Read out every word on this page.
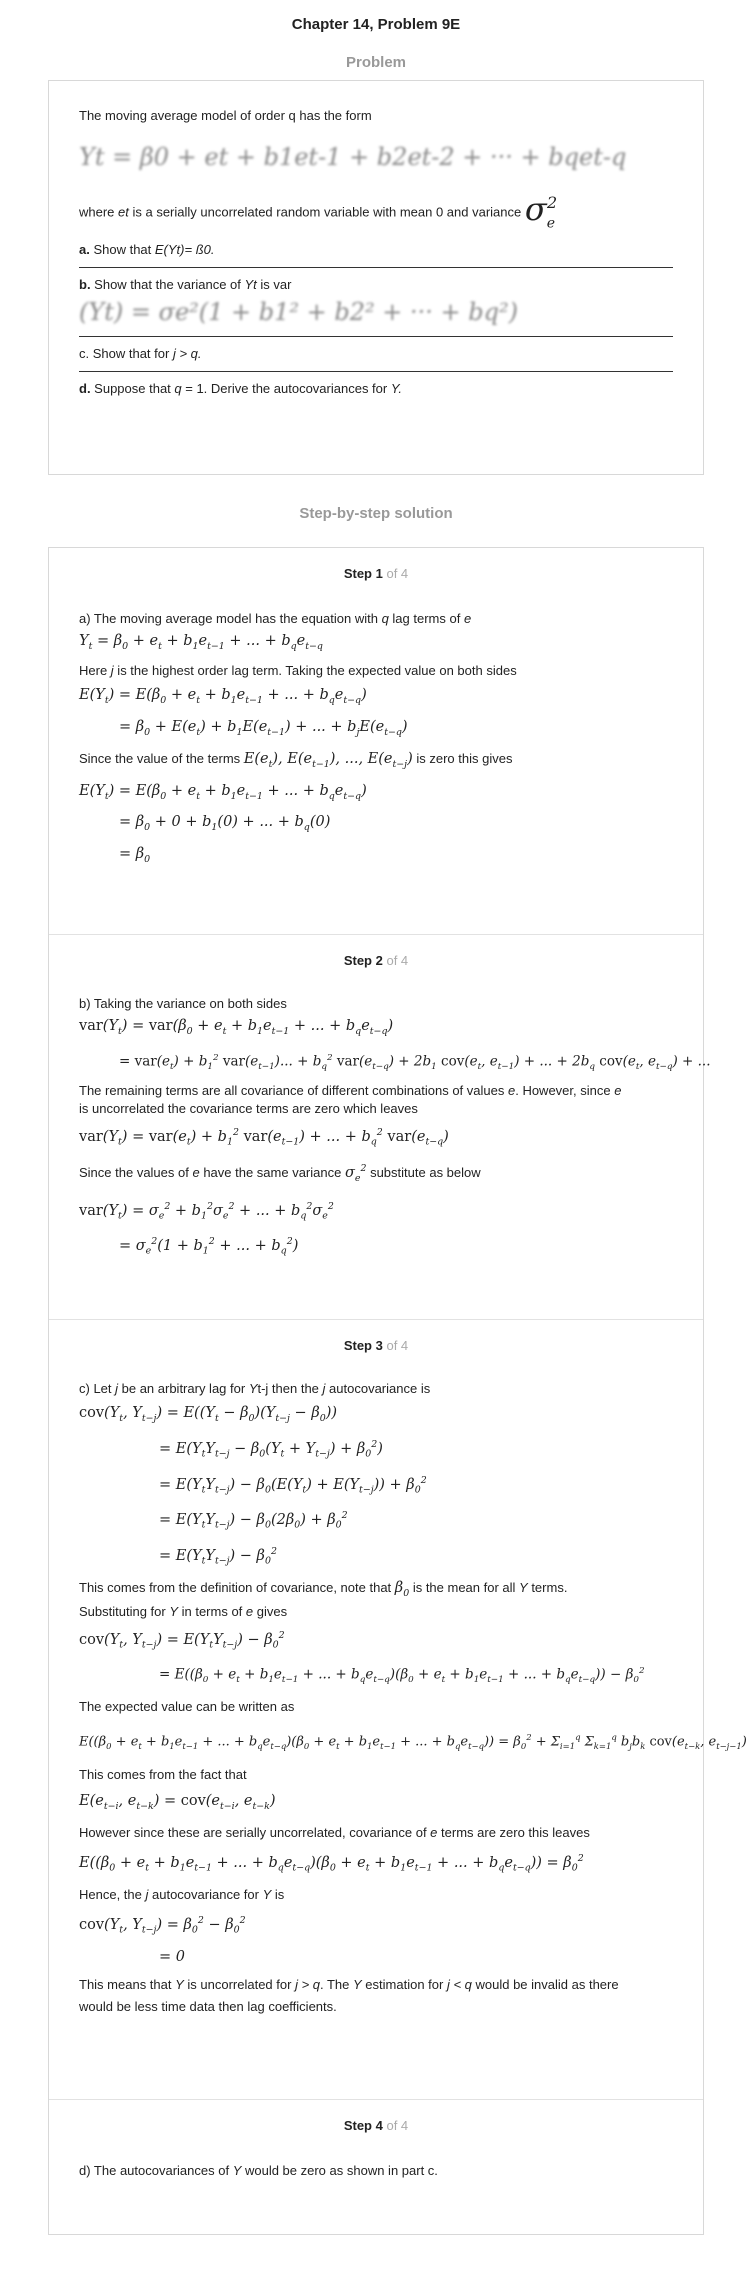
Chapter 14, Problem 9E
Problem

The moving average model of order q has the form

Yt = β0 + et + b1et-1 + b2et-2 + ··· + bqet-q

where et is a serially uncorrelated random variable with mean 0 and variance $\sigma_e^2$

a. Show that E(Yt)= ß0.

b. Show that the variance of Yt is var

(Yt) = σe²(1 + b1² + b2² + ··· + bq²)

c. Show that for j > q.

d. Suppose that q = 1. Derive the autocovariances for Y.

Step-by-step solution
Step 1 of 4

a) The moving average model has the equation with q lag terms of e

$Y_t = \beta_0 + e_t + b_1e_{t-1}$ + ... + $b_qe_{t-q}$

Here j is the highest order lag term. Taking the expected value on both sides

$E(Y_t) = E(\beta_0 + e_t + b_1e_{t-1}$ + ... + $b_qe_{t-q}$)
= $\beta_0 + E(e_t) + b_1E(e_{t-1})$ + ... + $b_jE(e_{t-q})$

Since the value of the terms $E(e_t)$, $E(e_{t-1})$, ..., $E(e_{t-j})$ is zero this gives

$E(Y_t) = E(\beta_0 + e_t + b_1e_{t-1}$ + ... + $b_qe_{t-q}$)
= $\beta_0 + 0 + b_1(0)$ + ... + $b_q(0)$
= $\beta_0$
Step 2 of 4

b) Taking the variance on both sides

$var(Y_t) = var(\beta_0 + e_t + b_1e_{t-1}$ + ... + $b_qe_{t-q}$)
= $var(e_t) + b_1^2$ $var(e_{t-1})$... + $b_q^2$ $var(e_{t-q}) + 2b_1$ $cov(e_t$, $e_{t-1}$) + ... + $2b_q$ $cov(e_t$, $e_{t-q}$) + ...

The remaining terms are all covariance of different combinations of values e. However, since e

is uncorrelated the covariance terms are zero which leaves

$var(Y_t) = var(e_t) + b_1^2$ $var(e_{t-1})$ + ... + $b_q^2$ $var(e_{t-q})$

Since the values of e have the same variance $\sigma_e^2$ substitute as below

$var(Y_t) = \sigma_e^2 + b_1^2\sigma_e^2$ + ... + $b_q^2\sigma_e^2$
= $\sigma_e^2(1 + b_1^2$ + ... + $b_q^2$)
Step 3 of 4

c) Let j be an arbitrary lag for Yt-j then the j autocovariance is

$cov(Y_t$, $Y_{t-j}) = E((Y_t - \beta_0)(Y_{t-j} - \beta_0))$
= $E(Y_tY_{t-j} - \beta_0(Y_t + Y_{t-j}) + \beta_0^2)$
= $E(Y_tY_{t-j}) - \beta_0(E(Y_t) + E(Y_{t-j})) + \beta_0^2$
= $E(Y_tY_{t-j}) - \beta_0(2\beta_0) + \beta_0^2$
= $E(Y_tY_{t-j}) - \beta_0^2$

This comes from the definition of covariance, note that $\beta_0$ is the mean for all Y terms.

Substituting for Y in terms of e gives

$cov(Y_t$, $Y_{t-j}) = E(Y_tY_{t-j}) - \beta_0^2$
= $E((\beta_0 + e_t + b_1e_{t-1}$ + ... + $b_qe_{t-q})(\beta_0 + e_t + b_1e_{t-1}$ + ... + $b_qe_{t-q})) - \beta_0^2$

The expected value can be written as

$E((\beta_0 + e_t + b_1e_{t-1}$ + ... + $b_qe_{t-q})(\beta_0 + e_t + b_1e_{t-1}$ + ... + $b_qe_{t-q})) = \beta_0^2 + \Sigma_{i=1}^q$ $\Sigma_{k=1}^q$ $b_jb_k$ $cov(e_{t-k}$, $e_{t-j-1}$)

This comes from the fact that

$E(e_{t-i}$, $e_{t-k}) = cov(e_{t-i}$, $e_{t-k}$)

However since these are serially uncorrelated, covariance of e terms are zero this leaves

$E((\beta_0 + e_t + b_1e_{t-1}$ + ... + $b_qe_{t-q})(\beta_0 + e_t + b_1e_{t-1}$ + ... + $b_qe_{t-q})) = \beta_0^2$

Hence, the j autocovariance for Y is

$cov(Y_t$, $Y_{t-j}) = \beta_0^2 - \beta_0^2$
= 0

This means that Y is uncorrelated for j > q. The Y estimation for j < q would be invalid as there

would be less time data then lag coefficients.

Step 4 of 4

d) The autocovariances of Y would be zero as shown in part c.
